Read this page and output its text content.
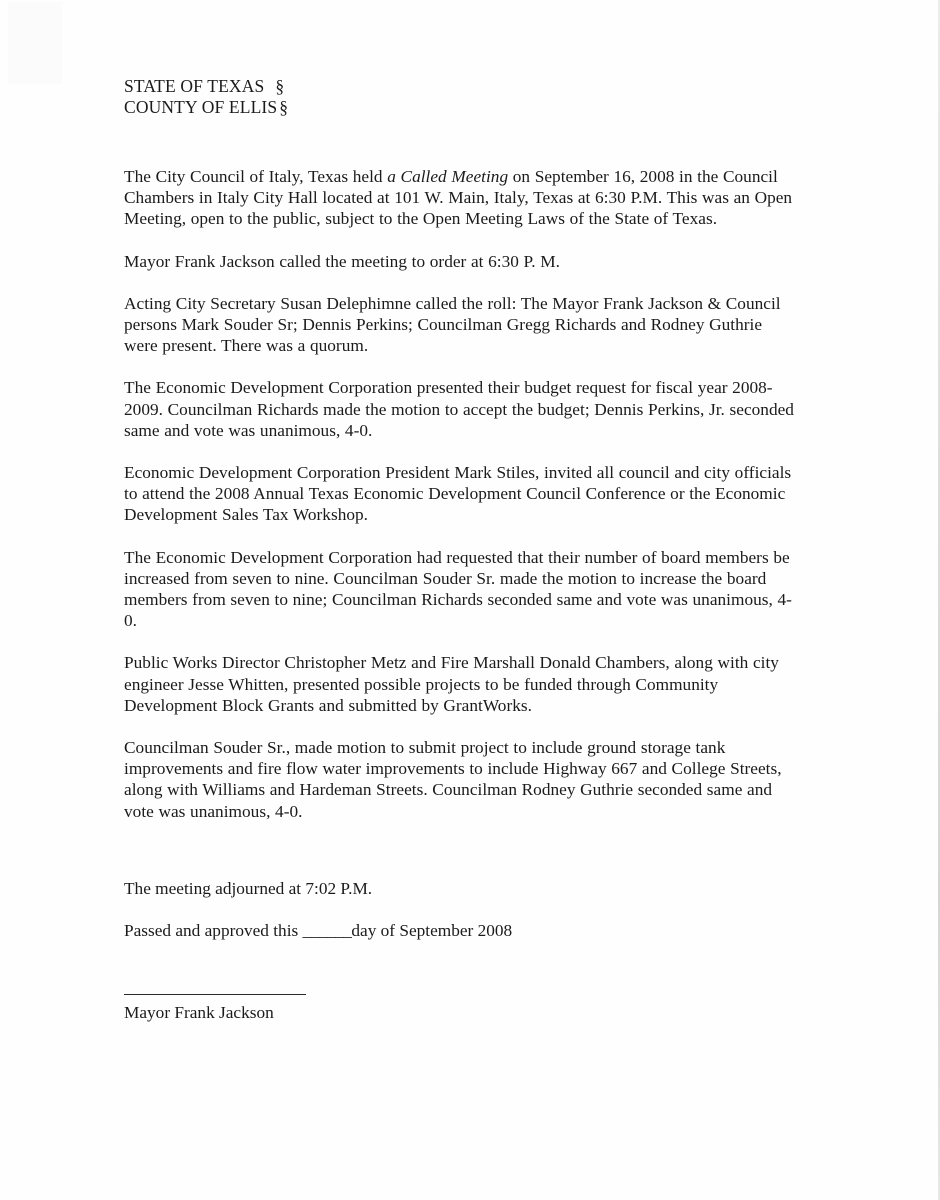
STATE OF TEXAS §
COUNTY OF ELLIS §

The City Council of Italy, Texas held a Called Meeting on September 16, 2008 in the Council Chambers in Italy City Hall located at 101 W. Main, Italy, Texas at 6:30 P.M. This was an Open Meeting, open to the public, subject to the Open Meeting Laws of the State of Texas.

Mayor Frank Jackson called the meeting to order at 6:30 P. M.

Acting City Secretary Susan Delephimne called the roll: The Mayor Frank Jackson & Council persons Mark Souder Sr; Dennis Perkins; Councilman Gregg Richards and Rodney Guthrie were present. There was a quorum.

The Economic Development Corporation presented their budget request for fiscal year 2008-2009. Councilman Richards made the motion to accept the budget; Dennis Perkins, Jr. seconded same and vote was unanimous, 4-0.

Economic Development Corporation President Mark Stiles, invited all council and city officials to attend the 2008 Annual Texas Economic Development Council Conference or the Economic Development Sales Tax Workshop.

The Economic Development Corporation had requested that their number of board members be increased from seven to nine. Councilman Souder Sr. made the motion to increase the board members from seven to nine; Councilman Richards seconded same and vote was unanimous, 4-0.

Public Works Director Christopher Metz and Fire Marshall Donald Chambers, along with city engineer Jesse Whitten, presented possible projects to be funded through Community Development Block Grants and submitted by GrantWorks.

Councilman Souder Sr., made motion to submit project to include ground storage tank improvements and fire flow water improvements to include Highway 667 and College Streets, along with Williams and Hardeman Streets. Councilman Rodney Guthrie seconded same and vote was unanimous, 4-0.

The meeting adjourned at 7:02 P.M.

Passed and approved this ______day of September 2008

Mayor Frank Jackson
